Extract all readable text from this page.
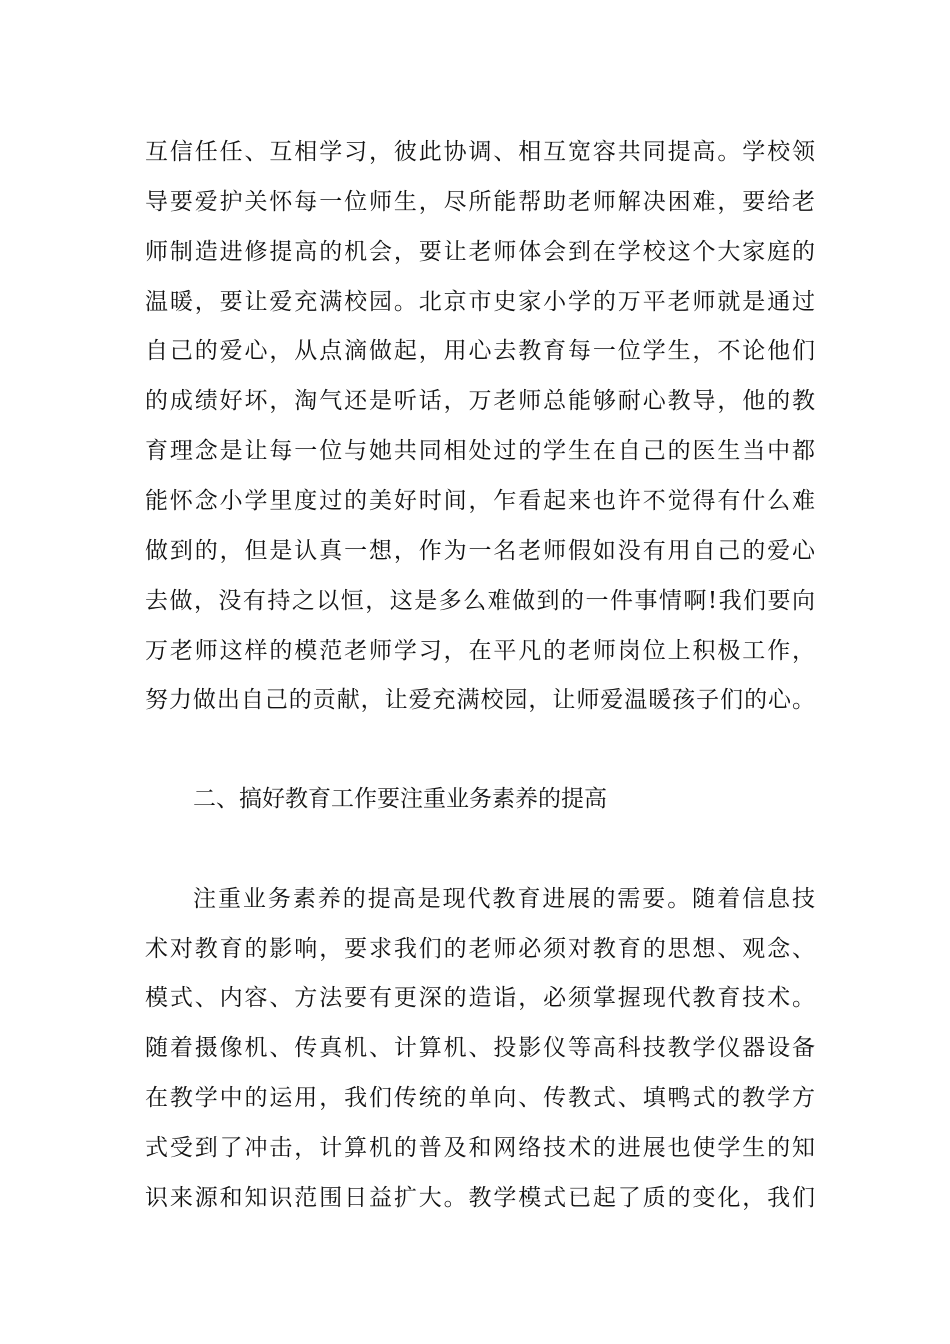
互信任任、互相学习，彼此协调、相互宽容共同提高。学校领
导要爱护关怀每一位师生，尽所能帮助老师解决困难，要给老
师制造进修提高的机会，要让老师体会到在学校这个大家庭的
温暖，要让爱充满校园。北京市史家小学的万平老师就是通过
自己的爱心，从点滴做起，用心去教育每一位学生，不论他们
的成绩好坏，淘气还是听话，万老师总能够耐心教导，他的教
育理念是让每一位与她共同相处过的学生在自己的医生当中都
能怀念小学里度过的美好时间，乍看起来也许不觉得有什么难
做到的，但是认真一想，作为一名老师假如没有用自己的爱心
去做，没有持之以恒，这是多么难做到的一件事情啊!我们要向
万老师这样的模范老师学习，在平凡的老师岗位上积极工作，
努力做出自己的贡献，让爱充满校园，让师爱温暖孩子们的心。
二、搞好教育工作要注重业务素养的提高
注重业务素养的提高是现代教育进展的需要。随着信息技
术对教育的影响，要求我们的老师必须对教育的思想、观念、
模式、内容、方法要有更深的造诣，必须掌握现代教育技术。
随着摄像机、传真机、计算机、投影仪等高科技教学仪器设备
在教学中的运用，我们传统的单向、传教式、填鸭式的教学方
式受到了冲击，计算机的普及和网络技术的进展也使学生的知
识来源和知识范围日益扩大。教学模式已起了质的变化，我们
